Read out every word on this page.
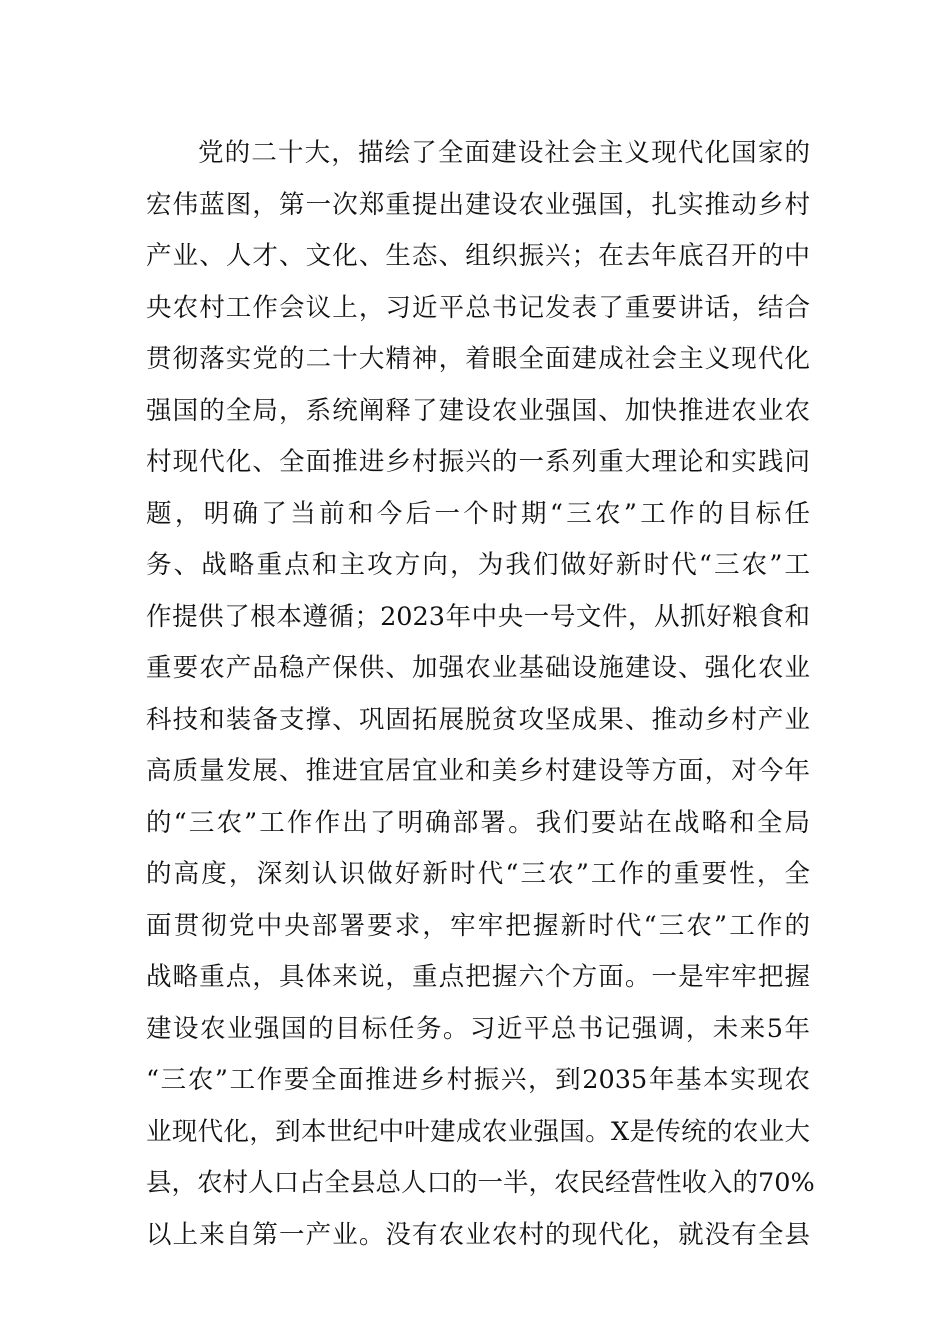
党的二十大，描绘了全面建设社会主义现代化国家的
宏伟蓝图，第一次郑重提出建设农业强国，扎实推动乡村
产业、人才、文化、生态、组织振兴；在去年底召开的中
央农村工作会议上，习近平总书记发表了重要讲话，结合
贯彻落实党的二十大精神，着眼全面建成社会主义现代化
强国的全局，系统阐释了建设农业强国、加快推进农业农
村现代化、全面推进乡村振兴的一系列重大理论和实践问
题，明确了当前和今后一个时期“三农”工作的目标任
务、战略重点和主攻方向，为我们做好新时代“三农”工
作提供了根本遵循；2023年中央一号文件，从抓好粮食和
重要农产品稳产保供、加强农业基础设施建设、强化农业
科技和装备支撑、巩固拓展脱贫攻坚成果、推动乡村产业
高质量发展、推进宜居宜业和美乡村建设等方面，对今年
的“三农”工作作出了明确部署。我们要站在战略和全局
的高度，深刻认识做好新时代“三农”工作的重要性，全
面贯彻党中央部署要求，牢牢把握新时代“三农”工作的
战略重点，具体来说，重点把握六个方面。一是牢牢把握
建设农业强国的目标任务。习近平总书记强调，未来5年
“三农”工作要全面推进乡村振兴，到2035年基本实现农
业现代化，到本世纪中叶建成农业强国。X是传统的农业大
县，农村人口占全县总人口的一半，农民经营性收入的70%
以上来自第一产业。没有农业农村的现代化，就没有全县
